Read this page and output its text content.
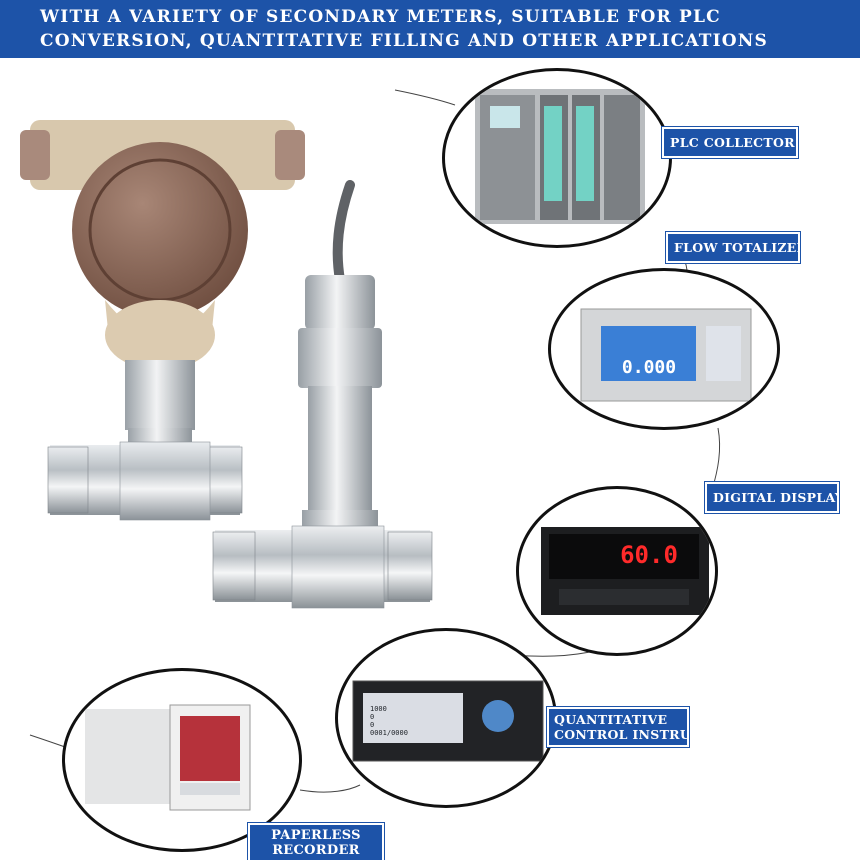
WITH A VARIETY OF SECONDARY METERS, SUITABLE FOR PLC
CONVERSION, QUANTITATIVE FILLING AND OTHER APPLICATIONS
PLC COLLECTOR
FLOW TOTALIZER
0.000
DIGITAL DISPLAY
60.0
1000
0
0
0001/0000
QUANTITATIVE
CONTROL INSTRUMENT
PAPERLESS
RECORDER
